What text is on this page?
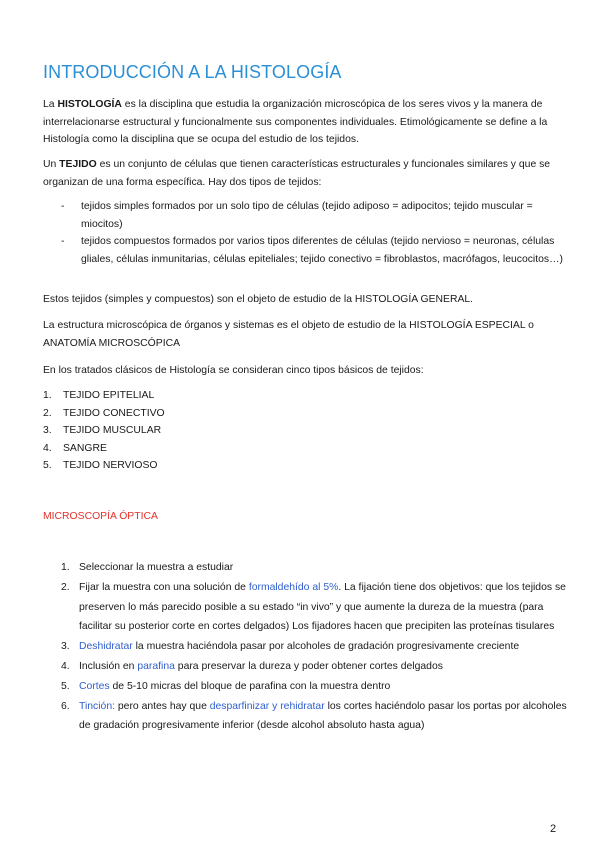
INTRODUCCIÓN A LA HISTOLOGÍA

La HISTOLOGÍA es la disciplina que estudia la organización microscópica de los seres vivos y la manera de interrelacionarse estructural y funcionalmente sus componentes individuales. Etimológicamente se define a la Histología como la disciplina que se ocupa del estudio de los tejidos.

Un TEJIDO es un conjunto de células que tienen características estructurales y funcionales similares y que se organizan de una forma específica. Hay dos tipos de tejidos:

- tejidos simples formados por un solo tipo de células (tejido adiposo = adipocitos; tejido muscular = miocitos)
- tejidos compuestos formados por varios tipos diferentes de células (tejido nervioso = neuronas, células gliales, células inmunitarias, células epiteliales; tejido conectivo = fibroblastos, macrófagos, leucocitos…)

Estos tejidos (simples y compuestos) son el objeto de estudio de la HISTOLOGÍA GENERAL.

La estructura microscópica de órganos y sistemas es el objeto de estudio de la HISTOLOGÍA ESPECIAL o ANATOMÍA MICROSCÓPICA

En los tratados clásicos de Histología se consideran cinco tipos básicos de tejidos:

1. TEJIDO EPITELIAL
2. TEJIDO CONECTIVO
3. TEJIDO MUSCULAR
4. SANGRE
5. TEJIDO NERVIOSO

MICROSCOPÍA ÓPTICA

1. Seleccionar la muestra a estudiar
2. Fijar la muestra con una solución de formaldehído al 5%. La fijación tiene dos objetivos: que los tejidos se preserven lo más parecido posible a su estado “in vivo” y que aumente la dureza de la muestra (para facilitar su posterior corte en cortes delgados) Los fijadores hacen que precipiten las proteínas tisulares
3. Deshidratar la muestra haciéndola pasar por alcoholes de gradación progresivamente creciente
4. Inclusión en parafina para preservar la dureza y poder obtener cortes delgados
5. Cortes de 5-10 micras del bloque de parafina con la muestra dentro
6. Tinción: pero antes hay que desparfinizar y rehidratar los cortes haciéndolo pasar los portas por alcoholes de gradación progresivamente inferior (desde alcohol absoluto hasta agua)
2
